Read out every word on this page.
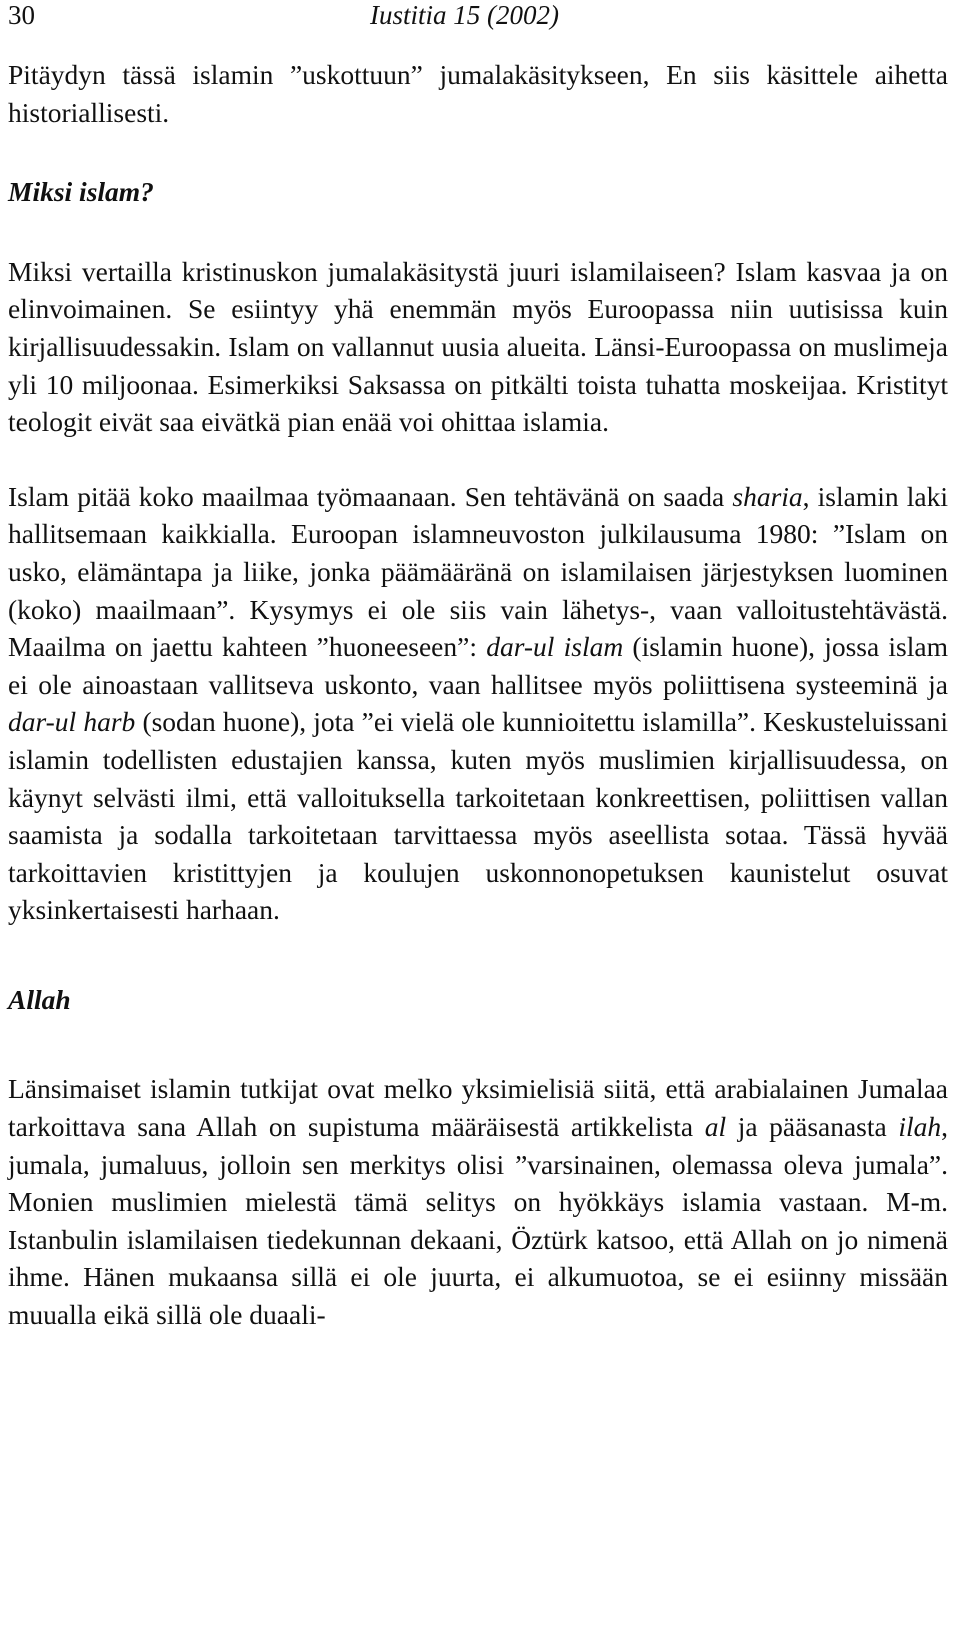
30	Iustitia 15 (2002)

Pitäydyn tässä islamin ”uskottuun” jumalakäsitykseen, En siis käsittele aihetta historiallisesti.

Miksi islam?

Miksi vertailla kristinuskon jumalakäsitystä juuri islamilaiseen? Islam kasvaa ja on elinvoimainen. Se esiintyy yhä enemmän myös Euroopassa niin uutisissa kuin kirjallisuudessakin. Islam on vallannut uusia alueita. Länsi-Euroopassa on muslimeja yli 10 miljoonaa. Esimerkiksi Saksassa on pitkälti toista tuhatta moskeijaa. Kristityt teologit eivät saa eivätkä pian enää voi ohittaa islamia.

Islam pitää koko maailmaa työmaanaan. Sen tehtävänä on saada sharia, islamin laki hallitsemaan kaikkialla. Euroopan islamneuvoston julkilausuma 1980: ”Islam on usko, elämäntapa ja liike, jonka päämääränä on islamilaisen järjestyksen luominen (koko) maailmaan”. Kysymys ei ole siis vain lähetys-, vaan valloitustehtävästä. Maailma on jaettu kahteen ”huoneeseen”: dar-ul islam (islamin huone), jossa islam ei ole ainoastaan vallitseva uskonto, vaan hallitsee myös poliittisena systeeminä ja dar-ul harb (sodan huone), jota ”ei vielä ole kunnioitettu islamilla”. Keskusteluissani islamin todellisten edustajien kanssa, kuten myös muslimien kirjallisuudessa, on käynyt selvästi ilmi, että valloituksella tarkoitetaan konkreettisen, poliittisen vallan saamista ja sodalla tarkoitetaan tarvittaessa myös aseellista sotaa. Tässä hyvää tarkoittavien kristittyjen ja koulujen uskonnonopetuksen kaunistelut osuvat yksinkertaisesti harhaan.

Allah

Länsimaiset islamin tutkijat ovat melko yksimielisiä siitä, että arabialainen Jumalaa tarkoittava sana Allah on supistuma määräisestä artikkelista al ja pääsanasta ilah, jumala, jumaluus, jolloin sen merkitys olisi ”varsinainen, olemassa oleva jumala”. Monien muslimien mielestä tämä selitys on hyökkäys islamia vastaan. M-m. Istanbulin islamilaisen tiedekunnan dekaani, Öztürk katsoo, että Allah on jo nimenä ihme. Hänen mukaansa sillä ei ole juurta, ei alkumuotoa, se ei esiinny missään muualla eikä sillä ole duaali-
